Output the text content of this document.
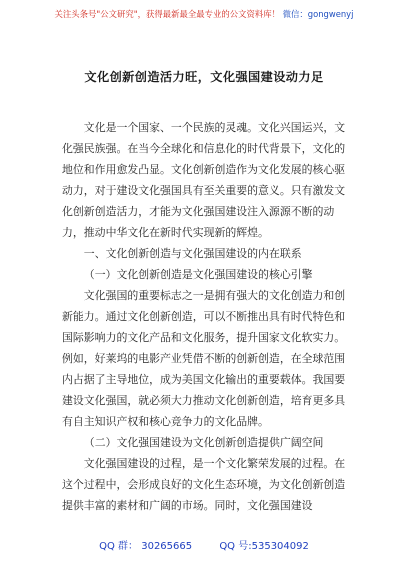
关注头条号"公文研究"，获得最新最全最专业的公文资料库！ 微信：gongwenyj
文化创新创造活力旺，文化强国建设动力足

文化是一个国家、一个民族的灵魂。文化兴国运兴，文化强民族强。在当今全球化和信息化的时代背景下，文化的地位和作用愈发凸显。文化创新创造作为文化发展的核心驱动力，对于建设文化强国具有至关重要的意义。只有激发文化创新创造活力，才能为文化强国建设注入源源不断的动力，推动中华文化在新时代实现新的辉煌。

一、文化创新创造与文化强国建设的内在联系

（一）文化创新创造是文化强国建设的核心引擎

文化强国的重要标志之一是拥有强大的文化创造力和创新能力。通过文化创新创造，可以不断推出具有时代特色和国际影响力的文化产品和文化服务，提升国家文化软实力。例如，好莱坞的电影产业凭借不断的创新创造，在全球范围内占据了主导地位，成为美国文化输出的重要载体。我国要建设文化强国，就必须大力推动文化创新创造，培育更多具有自主知识产权和核心竞争力的文化品牌。

（二）文化强国建设为文化创新创造提供广阔空间

文化强国建设的过程，是一个文化繁荣发展的过程。在这个过程中，会形成良好的文化生态环境，为文化创新创造提供丰富的素材和广阔的市场。同时，文化强国建设

QQ 群： 30265665	QQ 号:535304092
